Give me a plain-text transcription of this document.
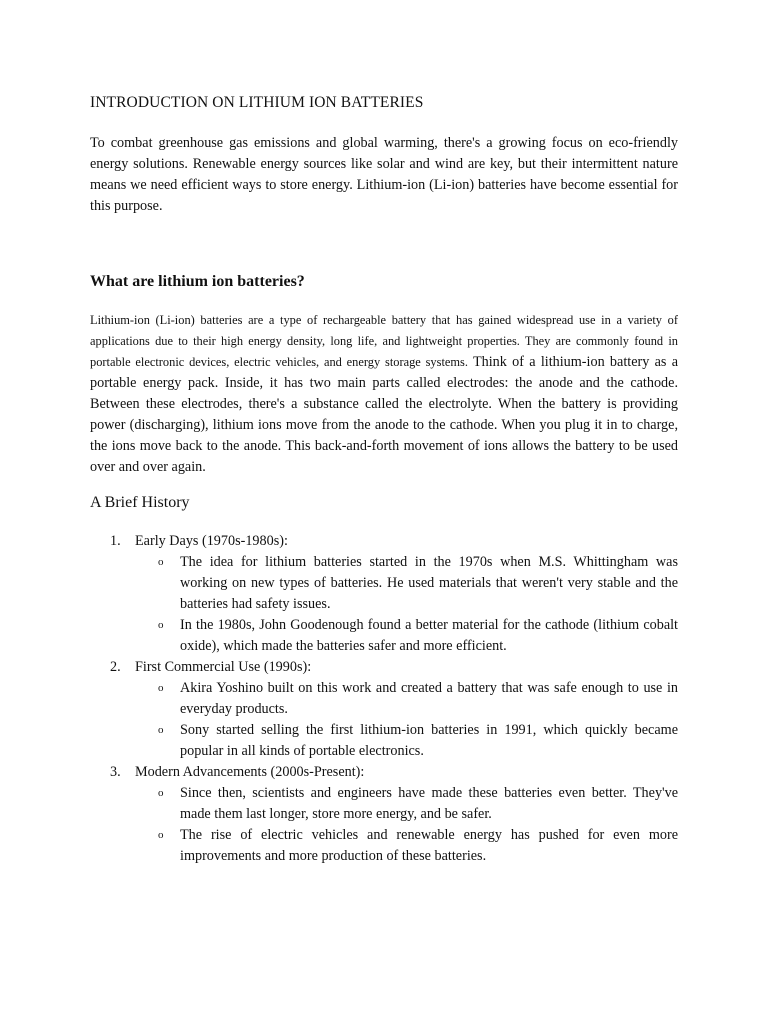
INTRODUCTION ON LITHIUM ION BATTERIES

To combat greenhouse gas emissions and global warming, there's a growing focus on eco-friendly energy solutions. Renewable energy sources like solar and wind are key, but their intermittent nature means we need efficient ways to store energy. Lithium-ion (Li-ion) batteries have become essential for this purpose.

What are lithium ion batteries?

Lithium-ion (Li-ion) batteries are a type of rechargeable battery that has gained widespread use in a variety of applications due to their high energy density, long life, and lightweight properties. They are commonly found in portable electronic devices, electric vehicles, and energy storage systems. Think of a lithium-ion battery as a portable energy pack. Inside, it has two main parts called electrodes: the anode and the cathode. Between these electrodes, there's a substance called the electrolyte. When the battery is providing power (discharging), lithium ions move from the anode to the cathode. When you plug it in to charge, the ions move back to the anode. This back-and-forth movement of ions allows the battery to be used over and over again.

A Brief History
1. Early Days (1970s-1980s):
o The idea for lithium batteries started in the 1970s when M.S. Whittingham was working on new types of batteries. He used materials that weren't very stable and the batteries had safety issues.
o In the 1980s, John Goodenough found a better material for the cathode (lithium cobalt oxide), which made the batteries safer and more efficient.
2. First Commercial Use (1990s):
o Akira Yoshino built on this work and created a battery that was safe enough to use in everyday products.
o Sony started selling the first lithium-ion batteries in 1991, which quickly became popular in all kinds of portable electronics.
3. Modern Advancements (2000s-Present):
o Since then, scientists and engineers have made these batteries even better. They've made them last longer, store more energy, and be safer.
o The rise of electric vehicles and renewable energy has pushed for even more improvements and more production of these batteries.
